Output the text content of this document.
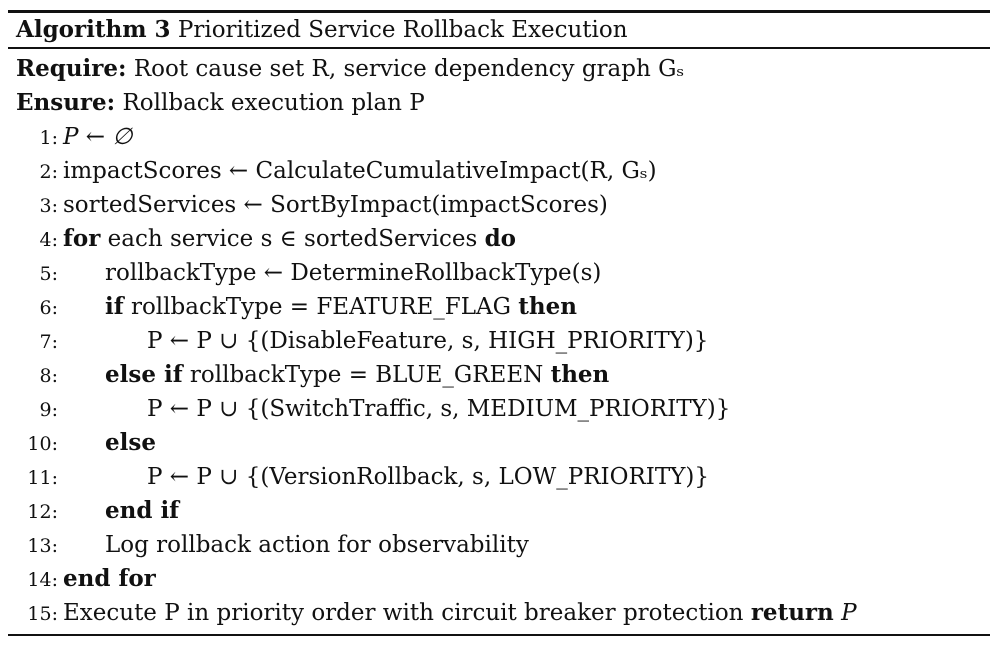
Algorithm 3 Prioritized Service Rollback Execution
Require: Root cause set R, service dependency graph Gₛ
Ensure: Rollback execution plan P
1: P ← ∅
2: impactScores ← CalculateCumulativeImpact(R, Gₛ)
3: sortedServices ← SortByImpact(impactScores)
4: for each service s ∈ sortedServices do
5: rollbackType ← DetermineRollbackType(s)
6: if rollbackType = FEATURE_FLAG then
7:	P ← P ∪ {(DisableFeature, s, HIGH_PRIORITY)}
8: else if rollbackType = BLUE_GREEN then
9:	P ← P ∪ {(SwitchTraffic, s, MEDIUM_PRIORITY)}
10: else
11:	P ← P ∪ {(VersionRollback, s, LOW_PRIORITY)}
12: end if
13: Log rollback action for observability
14: end for
15: Execute P in priority order with circuit breaker protection return P
